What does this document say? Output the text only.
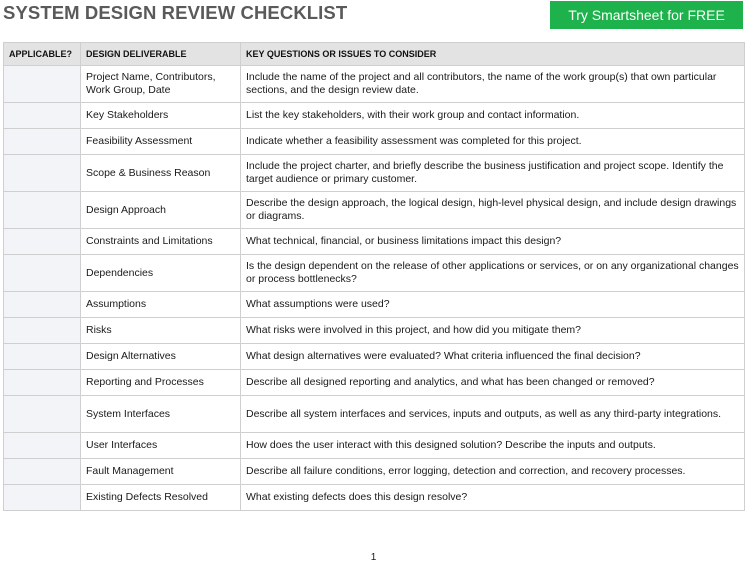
SYSTEM DESIGN REVIEW CHECKLIST	Try Smartsheet for FREE
APPLICABLE?	DESIGN DELIVERABLE	KEY QUESTIONS OR ISSUES TO CONSIDER
	Project Name, Contributors, Work Group, Date	Include the name of the project and all contributors, the name of the work group(s) that own particular sections, and the design review date.
	Key Stakeholders	List the key stakeholders, with their work group and contact information.
	Feasibility Assessment	Indicate whether a feasibility assessment was completed for this project.
	Scope & Business Reason	Include the project charter, and briefly describe the business justification and project scope. Identify the target audience or primary customer.
	Design Approach	Describe the design approach, the logical design, high-level physical design, and include design drawings or diagrams.
	Constraints and Limitations	What technical, financial, or business limitations impact this design?
	Dependencies	Is the design dependent on the release of other applications or services, or on any organizational changes or process bottlenecks?
	Assumptions	What assumptions were used?
	Risks	What risks were involved in this project, and how did you mitigate them?
	Design Alternatives	What design alternatives were evaluated? What criteria influenced the final decision?
	Reporting and Processes	Describe all designed reporting and analytics, and what has been changed or removed?
	System Interfaces	Describe all system interfaces and services, inputs and outputs, as well as any third-party integrations.
	User Interfaces	How does the user interact with this designed solution? Describe the inputs and outputs.
	Fault Management	Describe all failure conditions, error logging, detection and correction, and recovery processes.
	Existing Defects Resolved	What existing defects does this design resolve?
1
